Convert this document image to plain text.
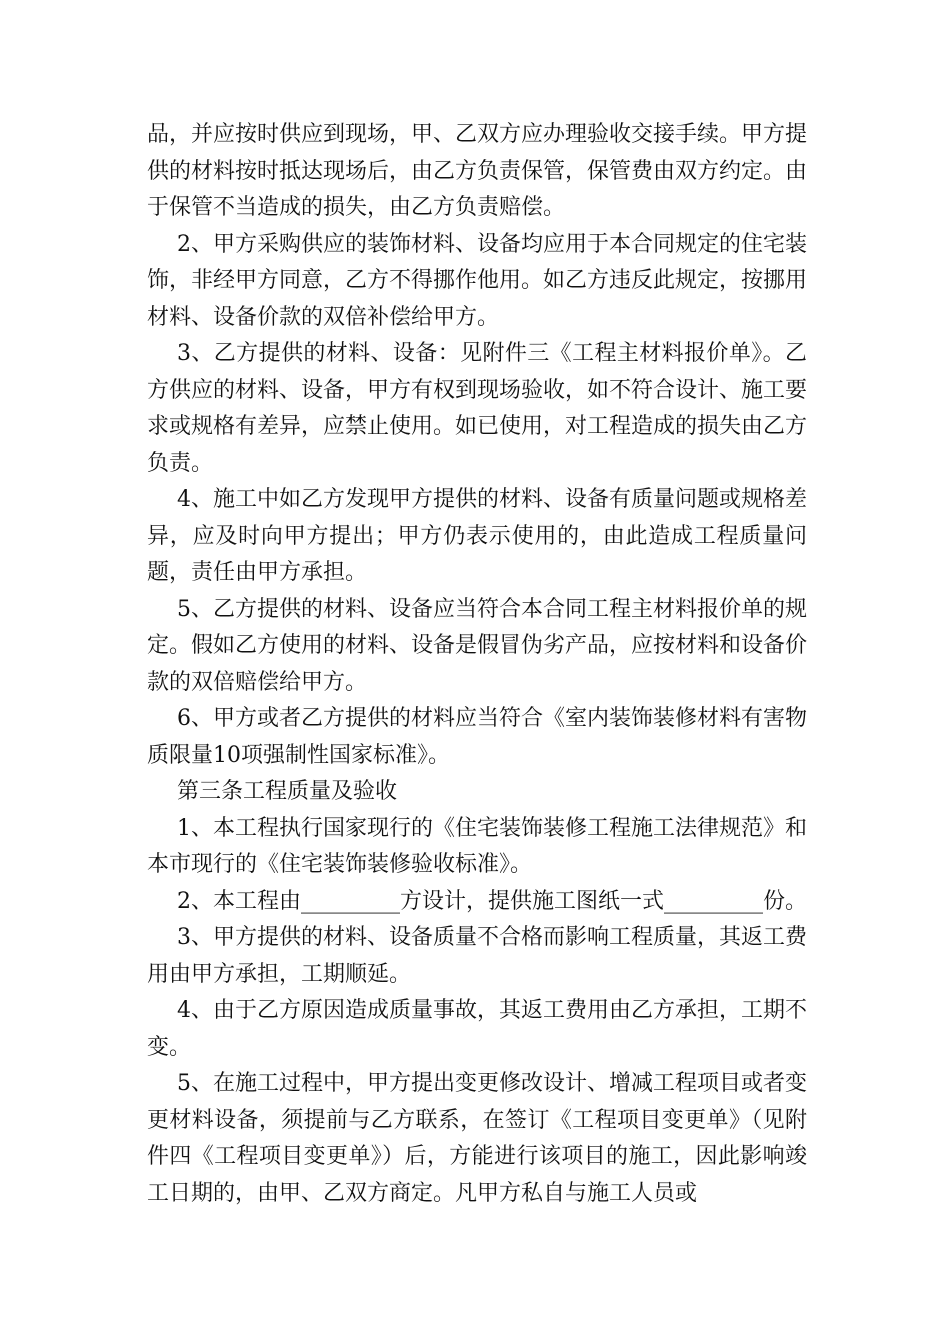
品，并应按时供应到现场，甲、乙双方应办理验收交接手续。甲方提供的材料按时抵达现场后，由乙方负责保管，保管费由双方约定。由于保管不当造成的损失，由乙方负责赔偿。

2、甲方采购供应的装饰材料、设备均应用于本合同规定的住宅装饰，非经甲方同意，乙方不得挪作他用。如乙方违反此规定，按挪用材料、设备价款的双倍补偿给甲方。

3、乙方提供的材料、设备：见附件三《工程主材料报价单》。乙方供应的材料、设备，甲方有权到现场验收，如不符合设计、施工要求或规格有差异，应禁止使用。如已使用，对工程造成的损失由乙方负责。

4、施工中如乙方发现甲方提供的材料、设备有质量问题或规格差异，应及时向甲方提出；甲方仍表示使用的，由此造成工程质量问题，责任由甲方承担。

5、乙方提供的材料、设备应当符合本合同工程主材料报价单的规定。假如乙方使用的材料、设备是假冒伪劣产品，应按材料和设备价款的双倍赔偿给甲方。

6、甲方或者乙方提供的材料应当符合《室内装饰装修材料有害物质限量10项强制性国家标准》。

第三条工程质量及验收

1、本工程执行国家现行的《住宅装饰装修工程施工法律规范》和本市现行的《住宅装饰装修验收标准》。

2、本工程由_________方设计，提供施工图纸一式_________份。

3、甲方提供的材料、设备质量不合格而影响工程质量，其返工费用由甲方承担，工期顺延。

4、由于乙方原因造成质量事故，其返工费用由乙方承担，工期不变。

5、在施工过程中，甲方提出变更修改设计、增减工程项目或者变更材料设备，须提前与乙方联系，在签订《工程项目变更单》（见附件四《工程项目变更单》）后，方能进行该项目的施工，因此影响竣工日期的，由甲、乙双方商定。凡甲方私自与施工人员或
